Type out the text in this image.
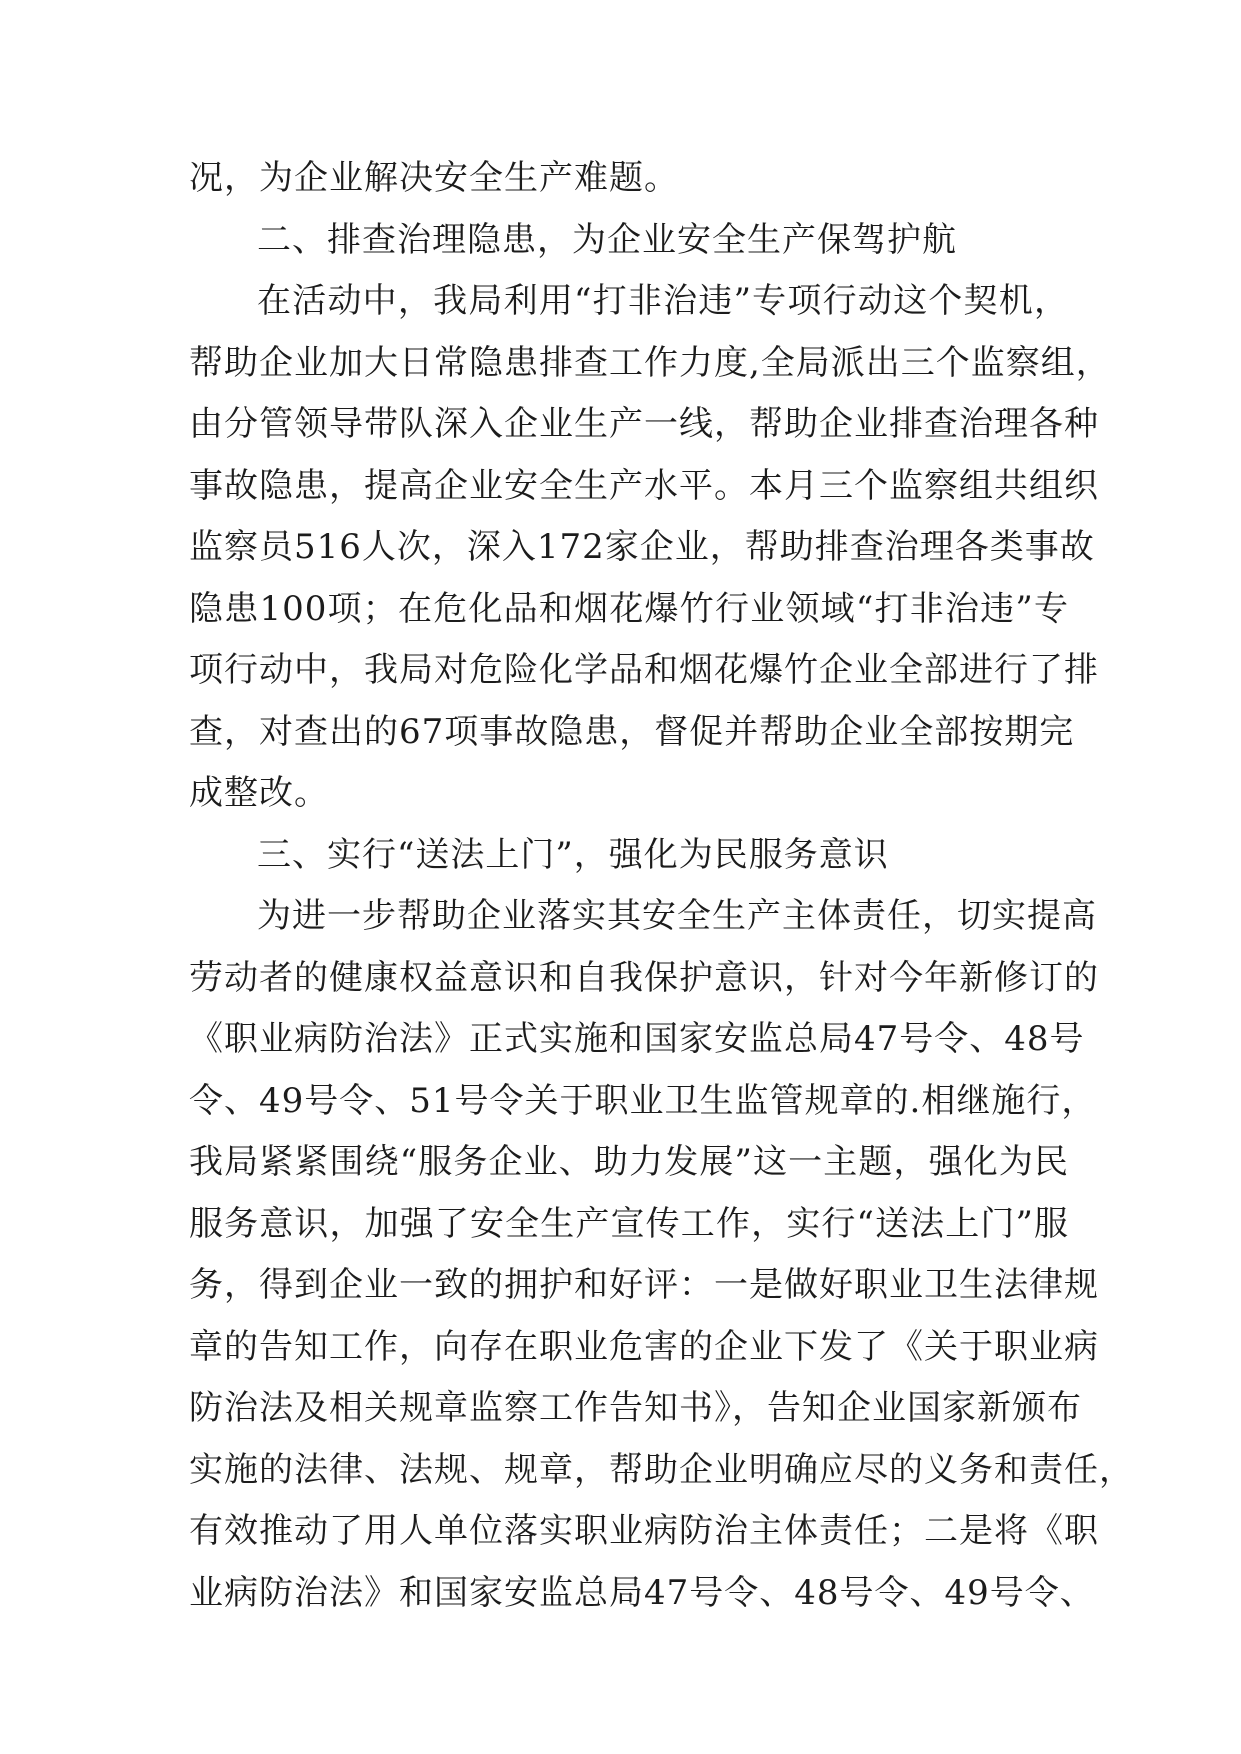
况，为企业解决安全生产难题。
二、排查治理隐患，为企业安全生产保驾护航
在活动中，我局利用“打非治违”专项行动这个契机，
帮助企业加大日常隐患排查工作力度,全局派出三个监察组，
由分管领导带队深入企业生产一线，帮助企业排查治理各种
事故隐患，提高企业安全生产水平。本月三个监察组共组织
监察员516人次，深入172家企业，帮助排查治理各类事故
隐患100项；在危化品和烟花爆竹行业领域“打非治违”专
项行动中，我局对危险化学品和烟花爆竹企业全部进行了排
查，对查出的67项事故隐患，督促并帮助企业全部按期完
成整改。
三、实行“送法上门”，强化为民服务意识
为进一步帮助企业落实其安全生产主体责任，切实提高
劳动者的健康权益意识和自我保护意识，针对今年新修订的
《职业病防治法》正式实施和国家安监总局47号令、48号
令、49号令、51号令关于职业卫生监管规章的.相继施行，
我局紧紧围绕“服务企业、助力发展”这一主题，强化为民
服务意识，加强了安全生产宣传工作，实行“送法上门”服
务，得到企业一致的拥护和好评：一是做好职业卫生法律规
章的告知工作，向存在职业危害的企业下发了《关于职业病
防治法及相关规章监察工作告知书》，告知企业国家新颁布
实施的法律、法规、规章，帮助企业明确应尽的义务和责任，
有效推动了用人单位落实职业病防治主体责任；二是将《职
业病防治法》和国家安监总局47号令、48号令、49号令、
